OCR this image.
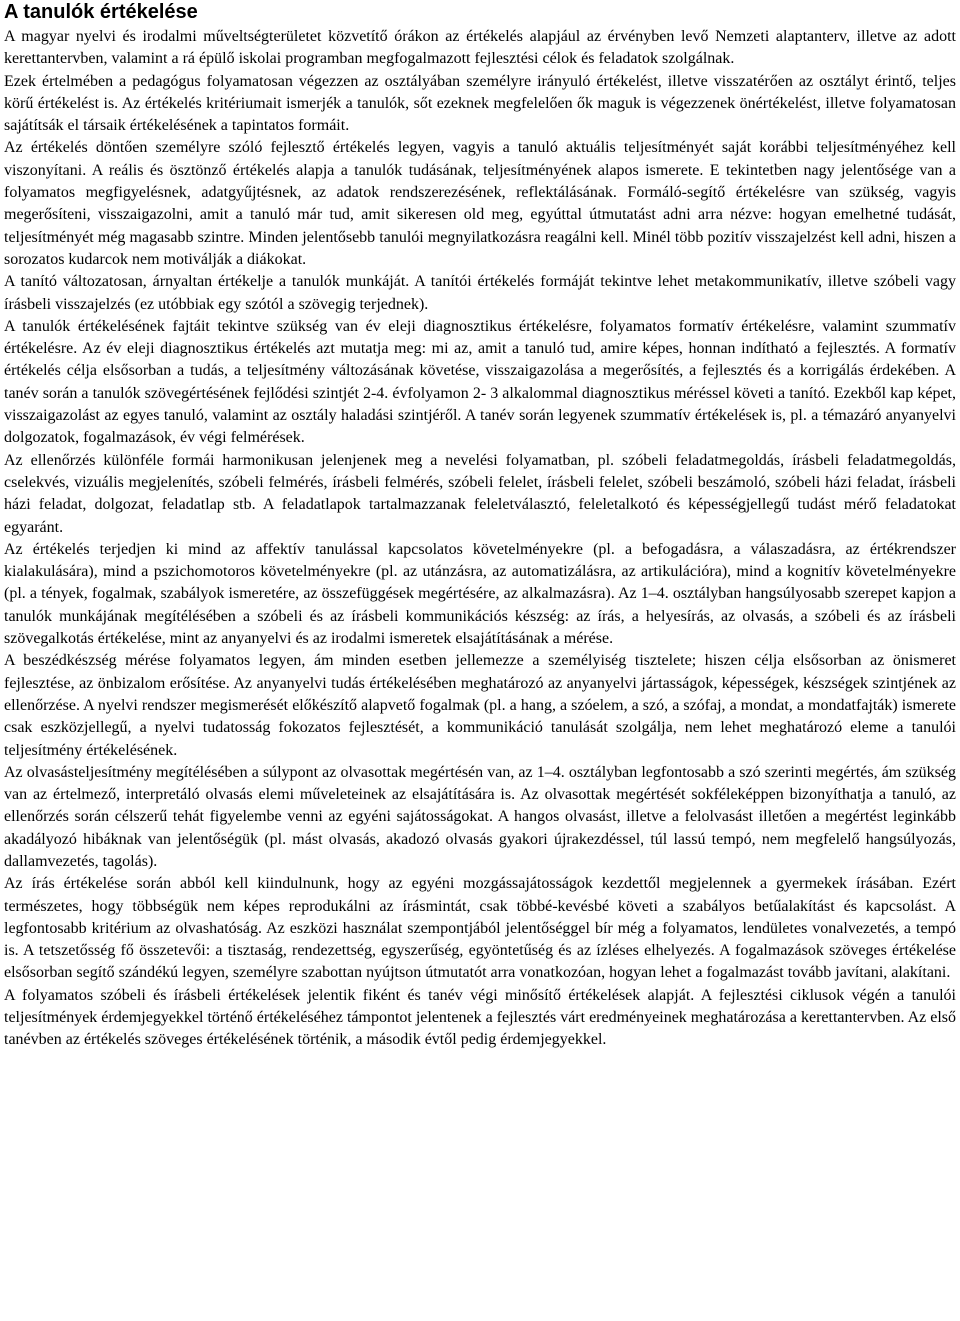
A tanulók értékelése

A magyar nyelvi és irodalmi műveltségterületet közvetítő órákon az értékelés alapjául az érvényben levő Nemzeti alaptanterv, illetve az adott kerettantervben, valamint a rá épülő iskolai programban megfogalmazott fejlesztési célok és feladatok szolgálnak.

Ezek értelmében a pedagógus folyamatosan végezzen az osztályában személyre irányuló értékelést, illetve visszatérően az osztályt érintő, teljes körű értékelést is. Az értékelés kritériumait ismerjék a tanulók, sőt ezeknek megfelelően ők maguk is végezzenek önértékelést, illetve folyamatosan sajátítsák el társaik értékelésének a tapintatos formáit.

Az értékelés döntően személyre szóló fejlesztő értékelés legyen, vagyis a tanuló aktuális teljesítményét saját korábbi teljesítményéhez kell viszonyítani. A reális és ösztönző értékelés alapja a tanulók tudásának, teljesítményének alapos ismerete. E tekintetben nagy jelentősége van a folyamatos megfigyelésnek, adatgyűjtésnek, az adatok rendszerezésének, reflektálásának. Formáló-segítő értékelésre van szükség, vagyis megerősíteni, visszaigazolni, amit a tanuló már tud, amit sikeresen old meg, egyúttal útmutatást adni arra nézve: hogyan emelhetné tudását, teljesítményét még magasabb szintre. Minden jelentősebb tanulói megnyilatkozásra reagálni kell. Minél több pozitív visszajelzést kell adni, hiszen a sorozatos kudarcok nem motiválják a diákokat.

A tanító változatosan, árnyaltan értékelje a tanulók munkáját. A tanítói értékelés formáját tekintve lehet metakommunikatív, illetve szóbeli vagy írásbeli visszajelzés (ez utóbbiak egy szótól a szövegig terjednek).

A tanulók értékelésének fajtáit tekintve szükség van év eleji diagnosztikus értékelésre, folyamatos formatív értékelésre, valamint szummatív értékelésre. Az év eleji diagnosztikus értékelés azt mutatja meg: mi az, amit a tanuló tud, amire képes, honnan indítható a fejlesztés. A formatív értékelés célja elsősorban a tudás, a teljesítmény változásának követése, visszaigazolása a megerősítés, a fejlesztés és a korrigálás érdekében. A tanév során a tanulók szövegértésének fejlődési szintjét 2-4. évfolyamon 2- 3 alkalommal diagnosztikus méréssel követi a tanító. Ezekből kap képet, visszaigazolást az egyes tanuló, valamint az osztály haladási szintjéről. A tanév során legyenek szummatív értékelések is, pl. a témazáró anyanyelvi dolgozatok, fogalmazások, év végi felmérések.

Az ellenőrzés különféle formái harmonikusan jelenjenek meg a nevelési folyamatban, pl. szóbeli feladatmegoldás, írásbeli feladatmegoldás, cselekvés, vizuális megjelenítés, szóbeli felmérés, írásbeli felmérés, szóbeli felelet, írásbeli felelet, szóbeli beszámoló, szóbeli házi feladat, írásbeli házi feladat, dolgozat, feladatlap stb. A feladatlapok tartalmazzanak feleletválasztó, feleletalkotó és képességjellegű tudást mérő feladatokat egyaránt.

Az értékelés terjedjen ki mind az affektív tanulással kapcsolatos követelményekre (pl. a befogadásra, a válaszadásra, az értékrendszer kialakulására), mind a pszichomotoros követelményekre (pl. az utánzásra, az automatizálásra, az artikulációra), mind a kognitív követelményekre (pl. a tények, fogalmak, szabályok ismeretére, az összefüggések megértésére, az alkalmazásra). Az 1–4. osztályban hangsúlyosabb szerepet kapjon a tanulók munkájának megítélésében a szóbeli és az írásbeli kommunikációs készség: az írás, a helyesírás, az olvasás, a szóbeli és az írásbeli szövegalkotás értékelése, mint az anyanyelvi és az irodalmi ismeretek elsajátításának a mérése.

A beszédkészség mérése folyamatos legyen, ám minden esetben jellemezze a személyiség tisztelete; hiszen célja elsősorban az önismeret fejlesztése, az önbizalom erősítése. Az anyanyelvi tudás értékelésében meghatározó az anyanyelvi jártasságok, képességek, készségek szintjének az ellenőrzése. A nyelvi rendszer megismerését előkészítő alapvető fogalmak (pl. a hang, a szóelem, a szó, a szófaj, a mondat, a mondatfajták) ismerete csak eszközjellegű, a nyelvi tudatosság fokozatos fejlesztését, a kommunikáció tanulását szolgálja, nem lehet meghatározó eleme a tanulói teljesítmény értékelésének.

Az olvasásteljesítmény megítélésében a súlypont az olvasottak megértésén van, az 1–4. osztályban legfontosabb a szó szerinti megértés, ám szükség van az értelmező, interpretáló olvasás elemi műveleteinek az elsajátítására is. Az olvasottak megértését sokféleképpen bizonyíthatja a tanuló, az ellenőrzés során célszerű tehát figyelembe venni az egyéni sajátosságokat. A hangos olvasást, illetve a felolvasást illetően a megértést leginkább akadályozó hibáknak van jelentőségük (pl. mást olvasás, akadozó olvasás gyakori újrakezdéssel, túl lassú tempó, nem megfelelő hangsúlyozás, dallamvezetés, tagolás).

Az írás értékelése során abból kell kiindulnunk, hogy az egyéni mozgássajátosságok kezdettől megjelennek a gyermekek írásában. Ezért természetes, hogy többségük nem képes reprodukálni az írásmintát, csak többé-kevésbé követi a szabályos betűalakítást és kapcsolást. A legfontosabb kritérium az olvashatóság. Az eszközi használat szempontjából jelentőséggel bír még a folyamatos, lendületes vonalvezetés, a tempó is. A tetszetősség fő összetevői: a tisztaság, rendezettség, egyszerűség, egyöntetűség és az ízléses elhelyezés. A fogalmazások szöveges értékelése elsősorban segítő szándékú legyen, személyre szabottan nyújtson útmutatót arra vonatkozóan, hogyan lehet a fogalmazást tovább javítani, alakítani.

A folyamatos szóbeli és írásbeli értékelések jelentik fiként és tanév végi minősítő értékelések alapját. A fejlesztési ciklusok végén a tanulói teljesítmények érdemjegyekkel történő értékeléséhez támpontot jelentenek a fejlesztés várt eredményeinek meghatározása a kerettantervben. Az első tanévben az értékelés szöveges értékelésének történik, a második évtől pedig érdemjegyekkel.
